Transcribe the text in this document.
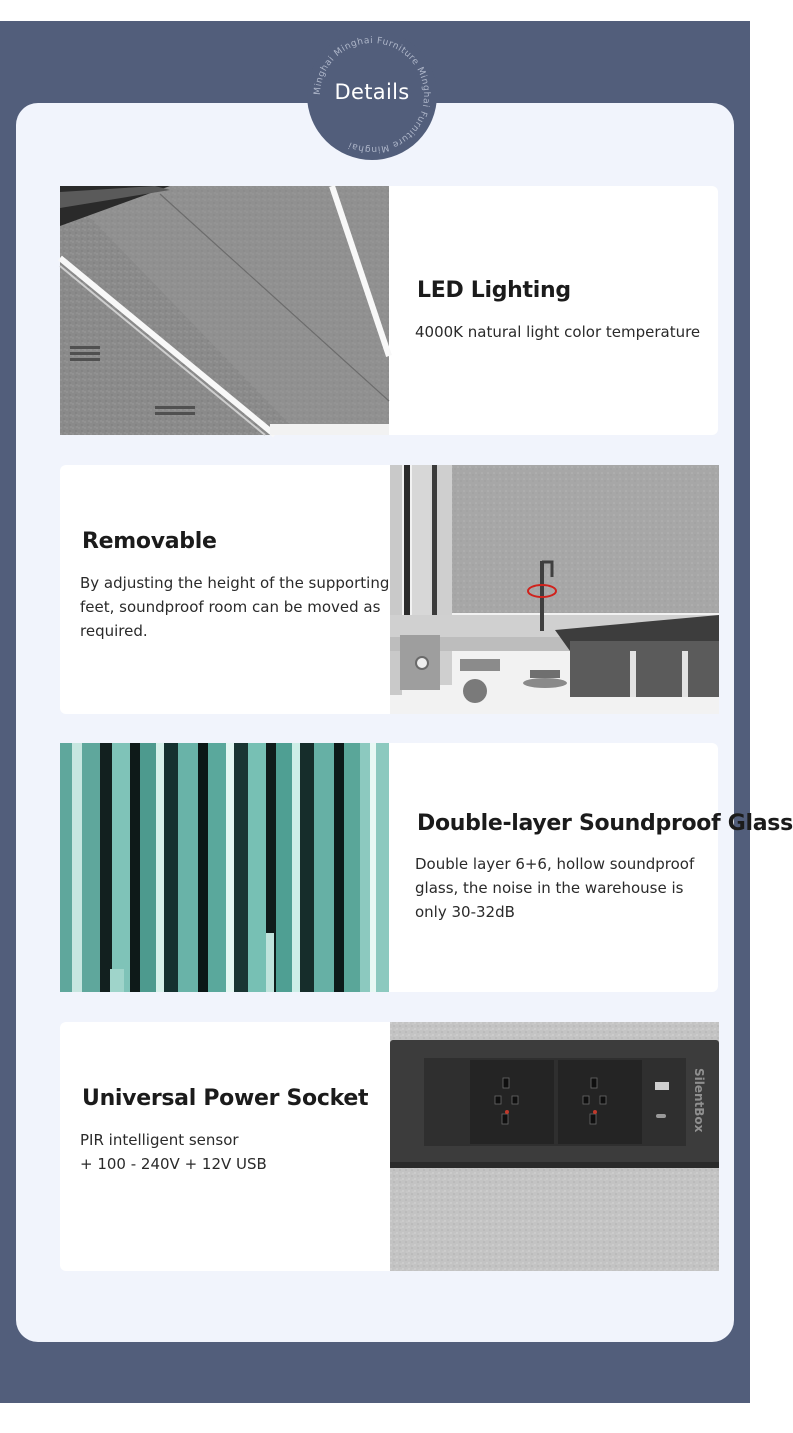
LED Lighting

4000K natural light color temperature

Removable

By adjusting the height of the supporting
feet, soundproof room can be moved as
required.

Double-layer Soundproof Glass

Double layer 6+6, hollow soundproof
glass, the noise in the warehouse is
only 30-32dB

Universal Power Socket

PIR intelligent sensor
+ 100 - 240V + 12V USB

SilentBox
Minghai Minghai Furniture Minghai Furniture Minghai
Details
